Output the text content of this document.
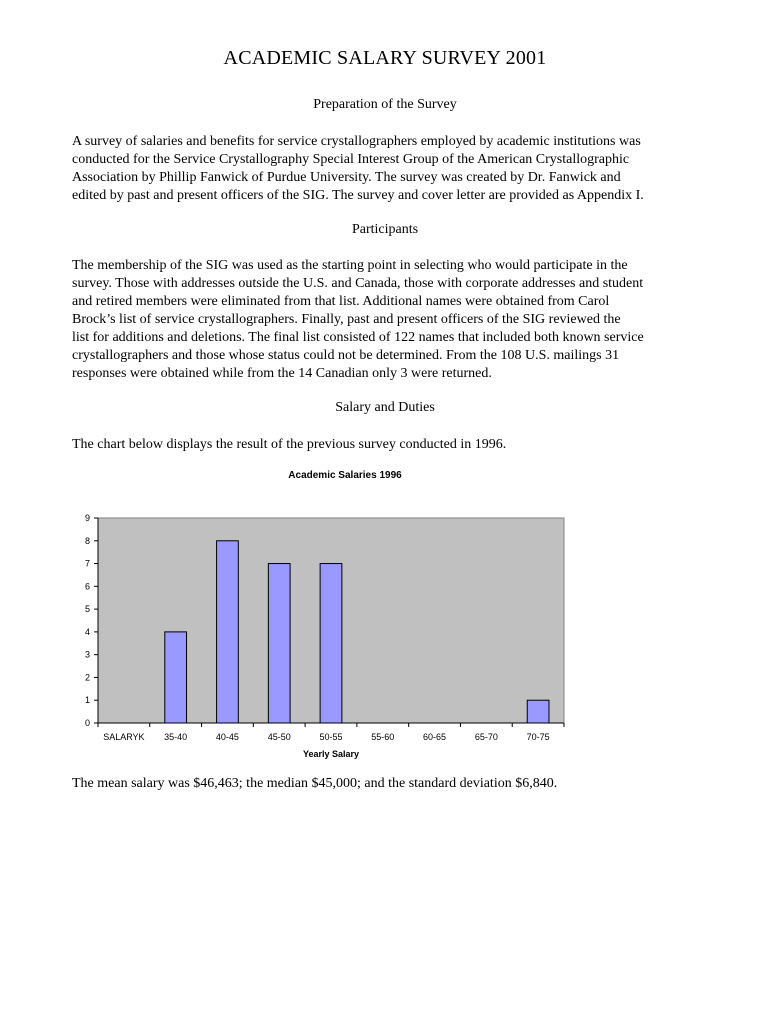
ACADEMIC SALARY SURVEY 2001
Preparation of the Survey
A survey of salaries and benefits for service crystallographers employed by academic institutions was
conducted for the Service Crystallography Special Interest Group of the American Crystallographic
Association by Phillip Fanwick of Purdue University. The survey was created by Dr. Fanwick and
edited by past and present officers of the SIG. The survey and cover letter are provided as Appendix I.
Participants
The membership of the SIG was used as the starting point in selecting who would participate in the
survey. Those with addresses outside the U.S. and Canada, those with corporate addresses and student
and retired members were eliminated from that list. Additional names were obtained from Carol
Brock’s list of service crystallographers. Finally, past and present officers of the SIG reviewed the
list for additions and deletions. The final list consisted of 122 names that included both known service
crystallographers and those whose status could not be determined. From the 108 U.S. mailings 31
responses were obtained while from the 14 Canadian only 3 were returned.
Salary and Duties
The chart below displays the result of the previous survey conducted in 1996.
Academic Salaries 1996
0
1
2
3
4
5
6
7
8
9
SALARYK 35-40	40-45	45-50	50-55	55-60	60-65	65-70	70-75
Yearly Salary
The mean salary was $46,463; the median $45,000; and the standard deviation $6,840.
